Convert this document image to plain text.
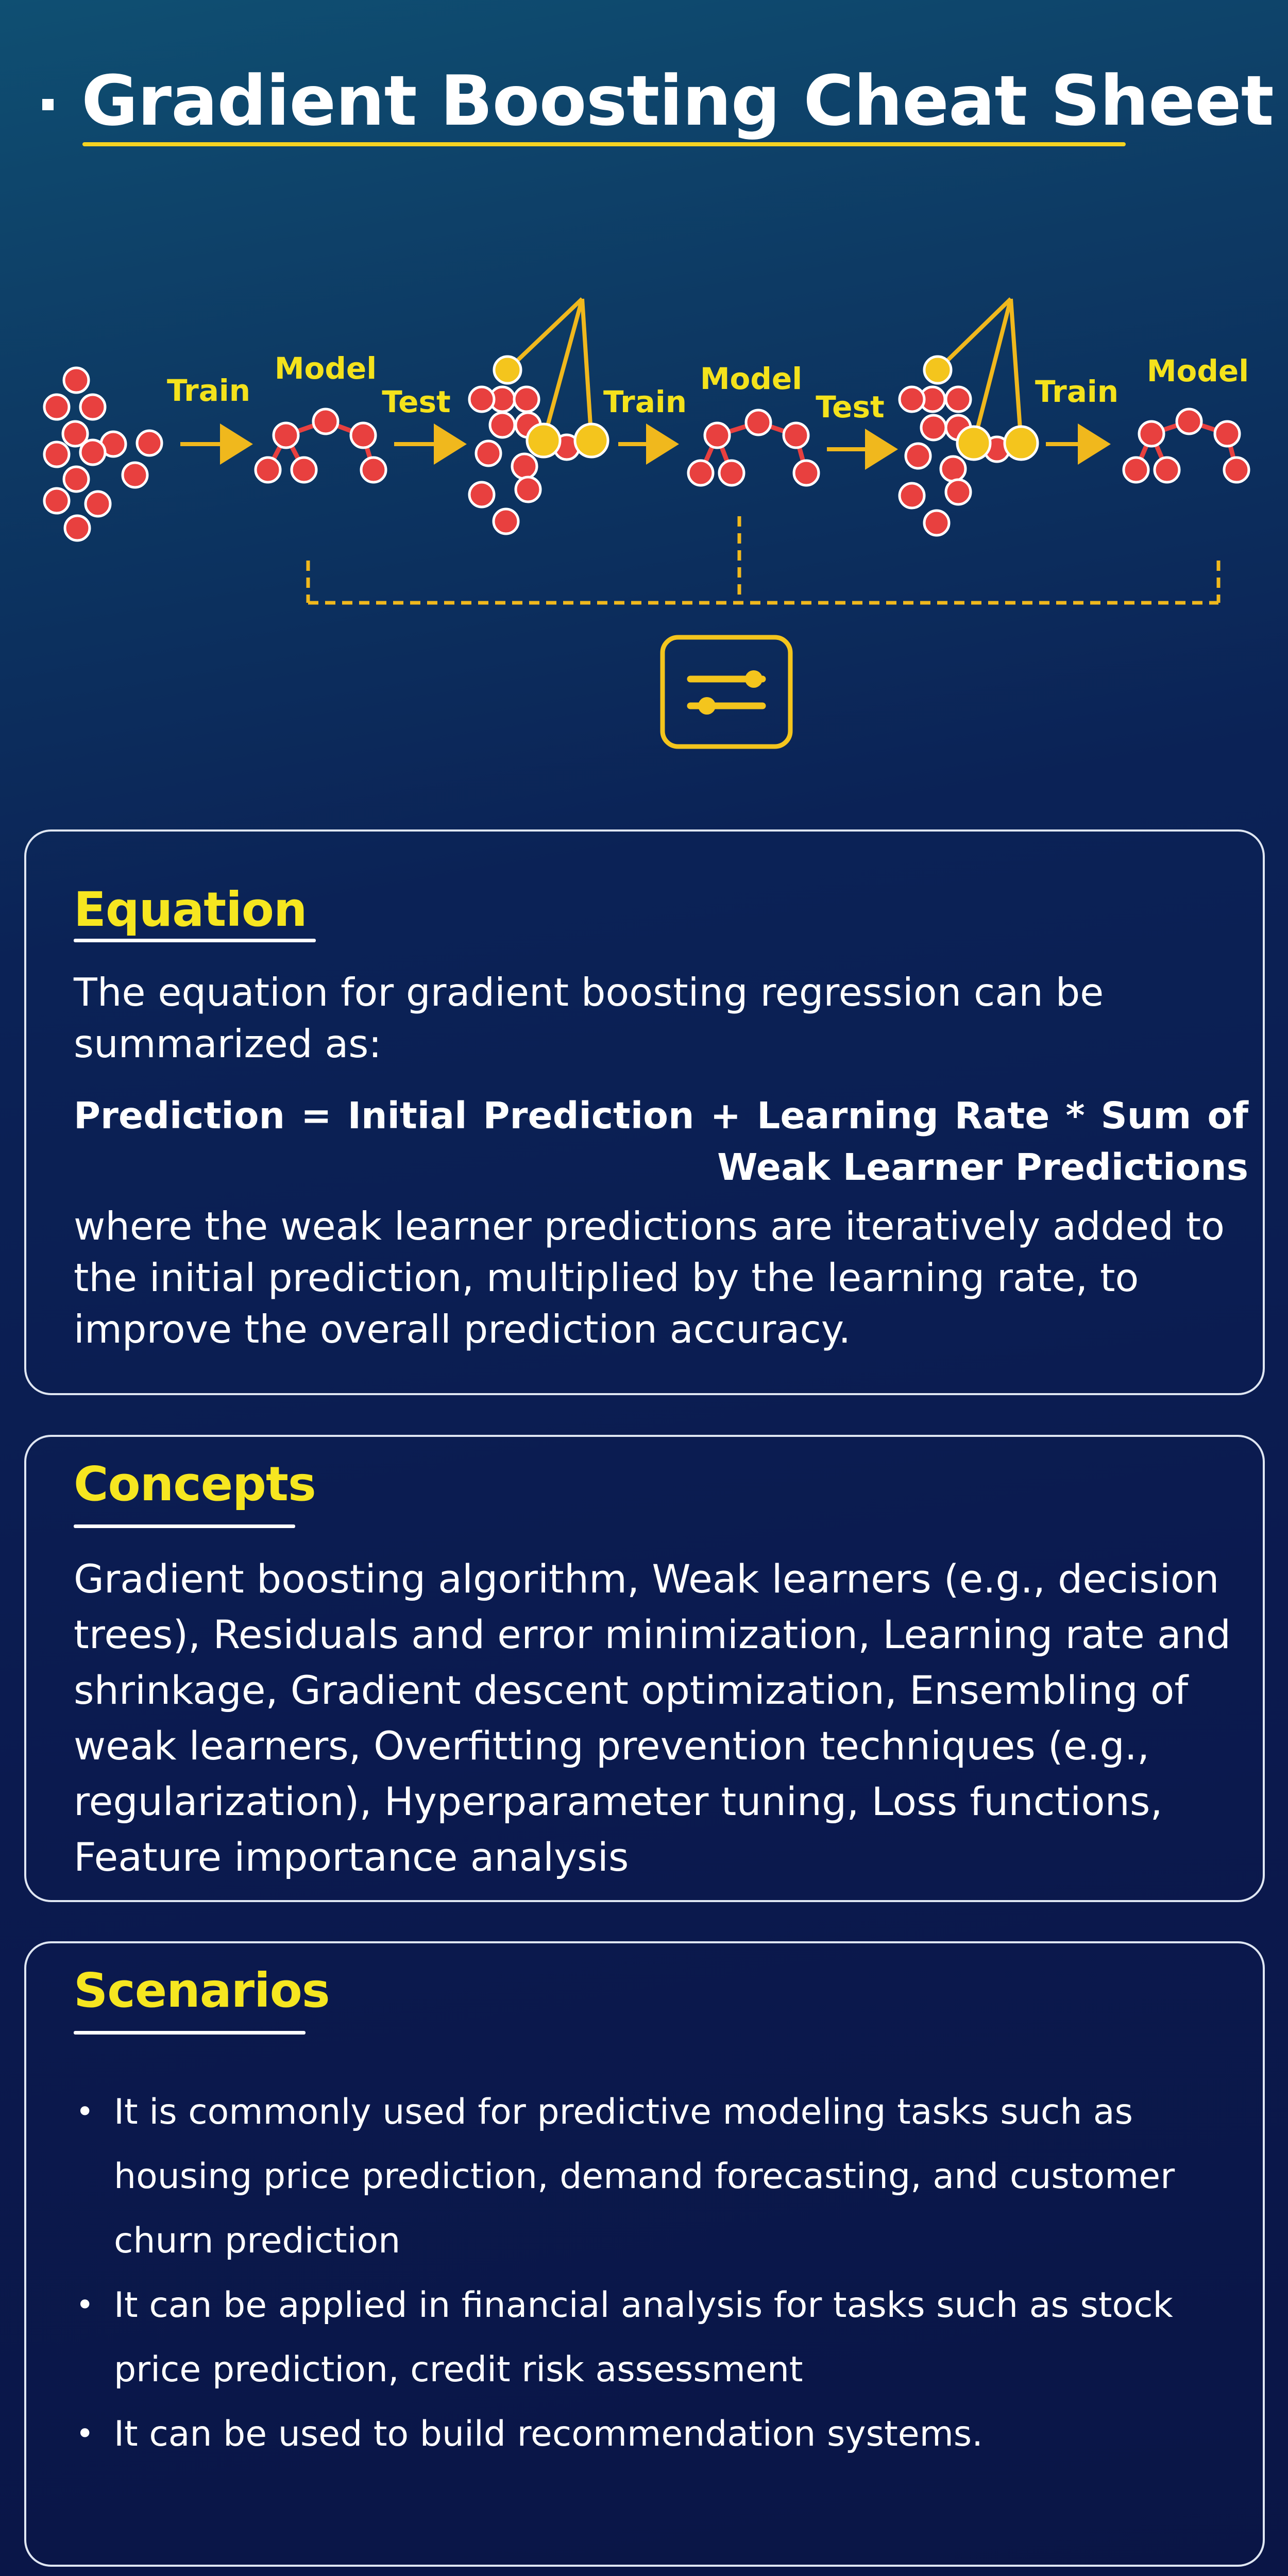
Gradient Boosting Cheat Sheet
Train
Model
Test	Train
Model
Test	Train
Model
Equation
The equation for gradient boosting regression can be summarized as:
Prediction = Initial Prediction + Learning Rate * Sum of Weak Learner Predictions
where the weak learner predictions are iteratively added to the initial prediction, multiplied by the learning rate, to improve the overall prediction accuracy.
Concepts
Gradient boosting algorithm, Weak learners (e.g., decision trees), Residuals and error minimization, Learning rate and shrinkage, Gradient descent optimization, Ensembling of weak learners, Overfitting prevention techniques (e.g., regularization), Hyperparameter tuning, Loss functions, Feature importance analysis
Scenarios
• It is commonly used for predictive modeling tasks such as housing price prediction, demand forecasting, and customer churn prediction
• It can be applied in financial analysis for tasks such as stock price prediction, credit risk assessment
• It can be used to build recommendation systems.
